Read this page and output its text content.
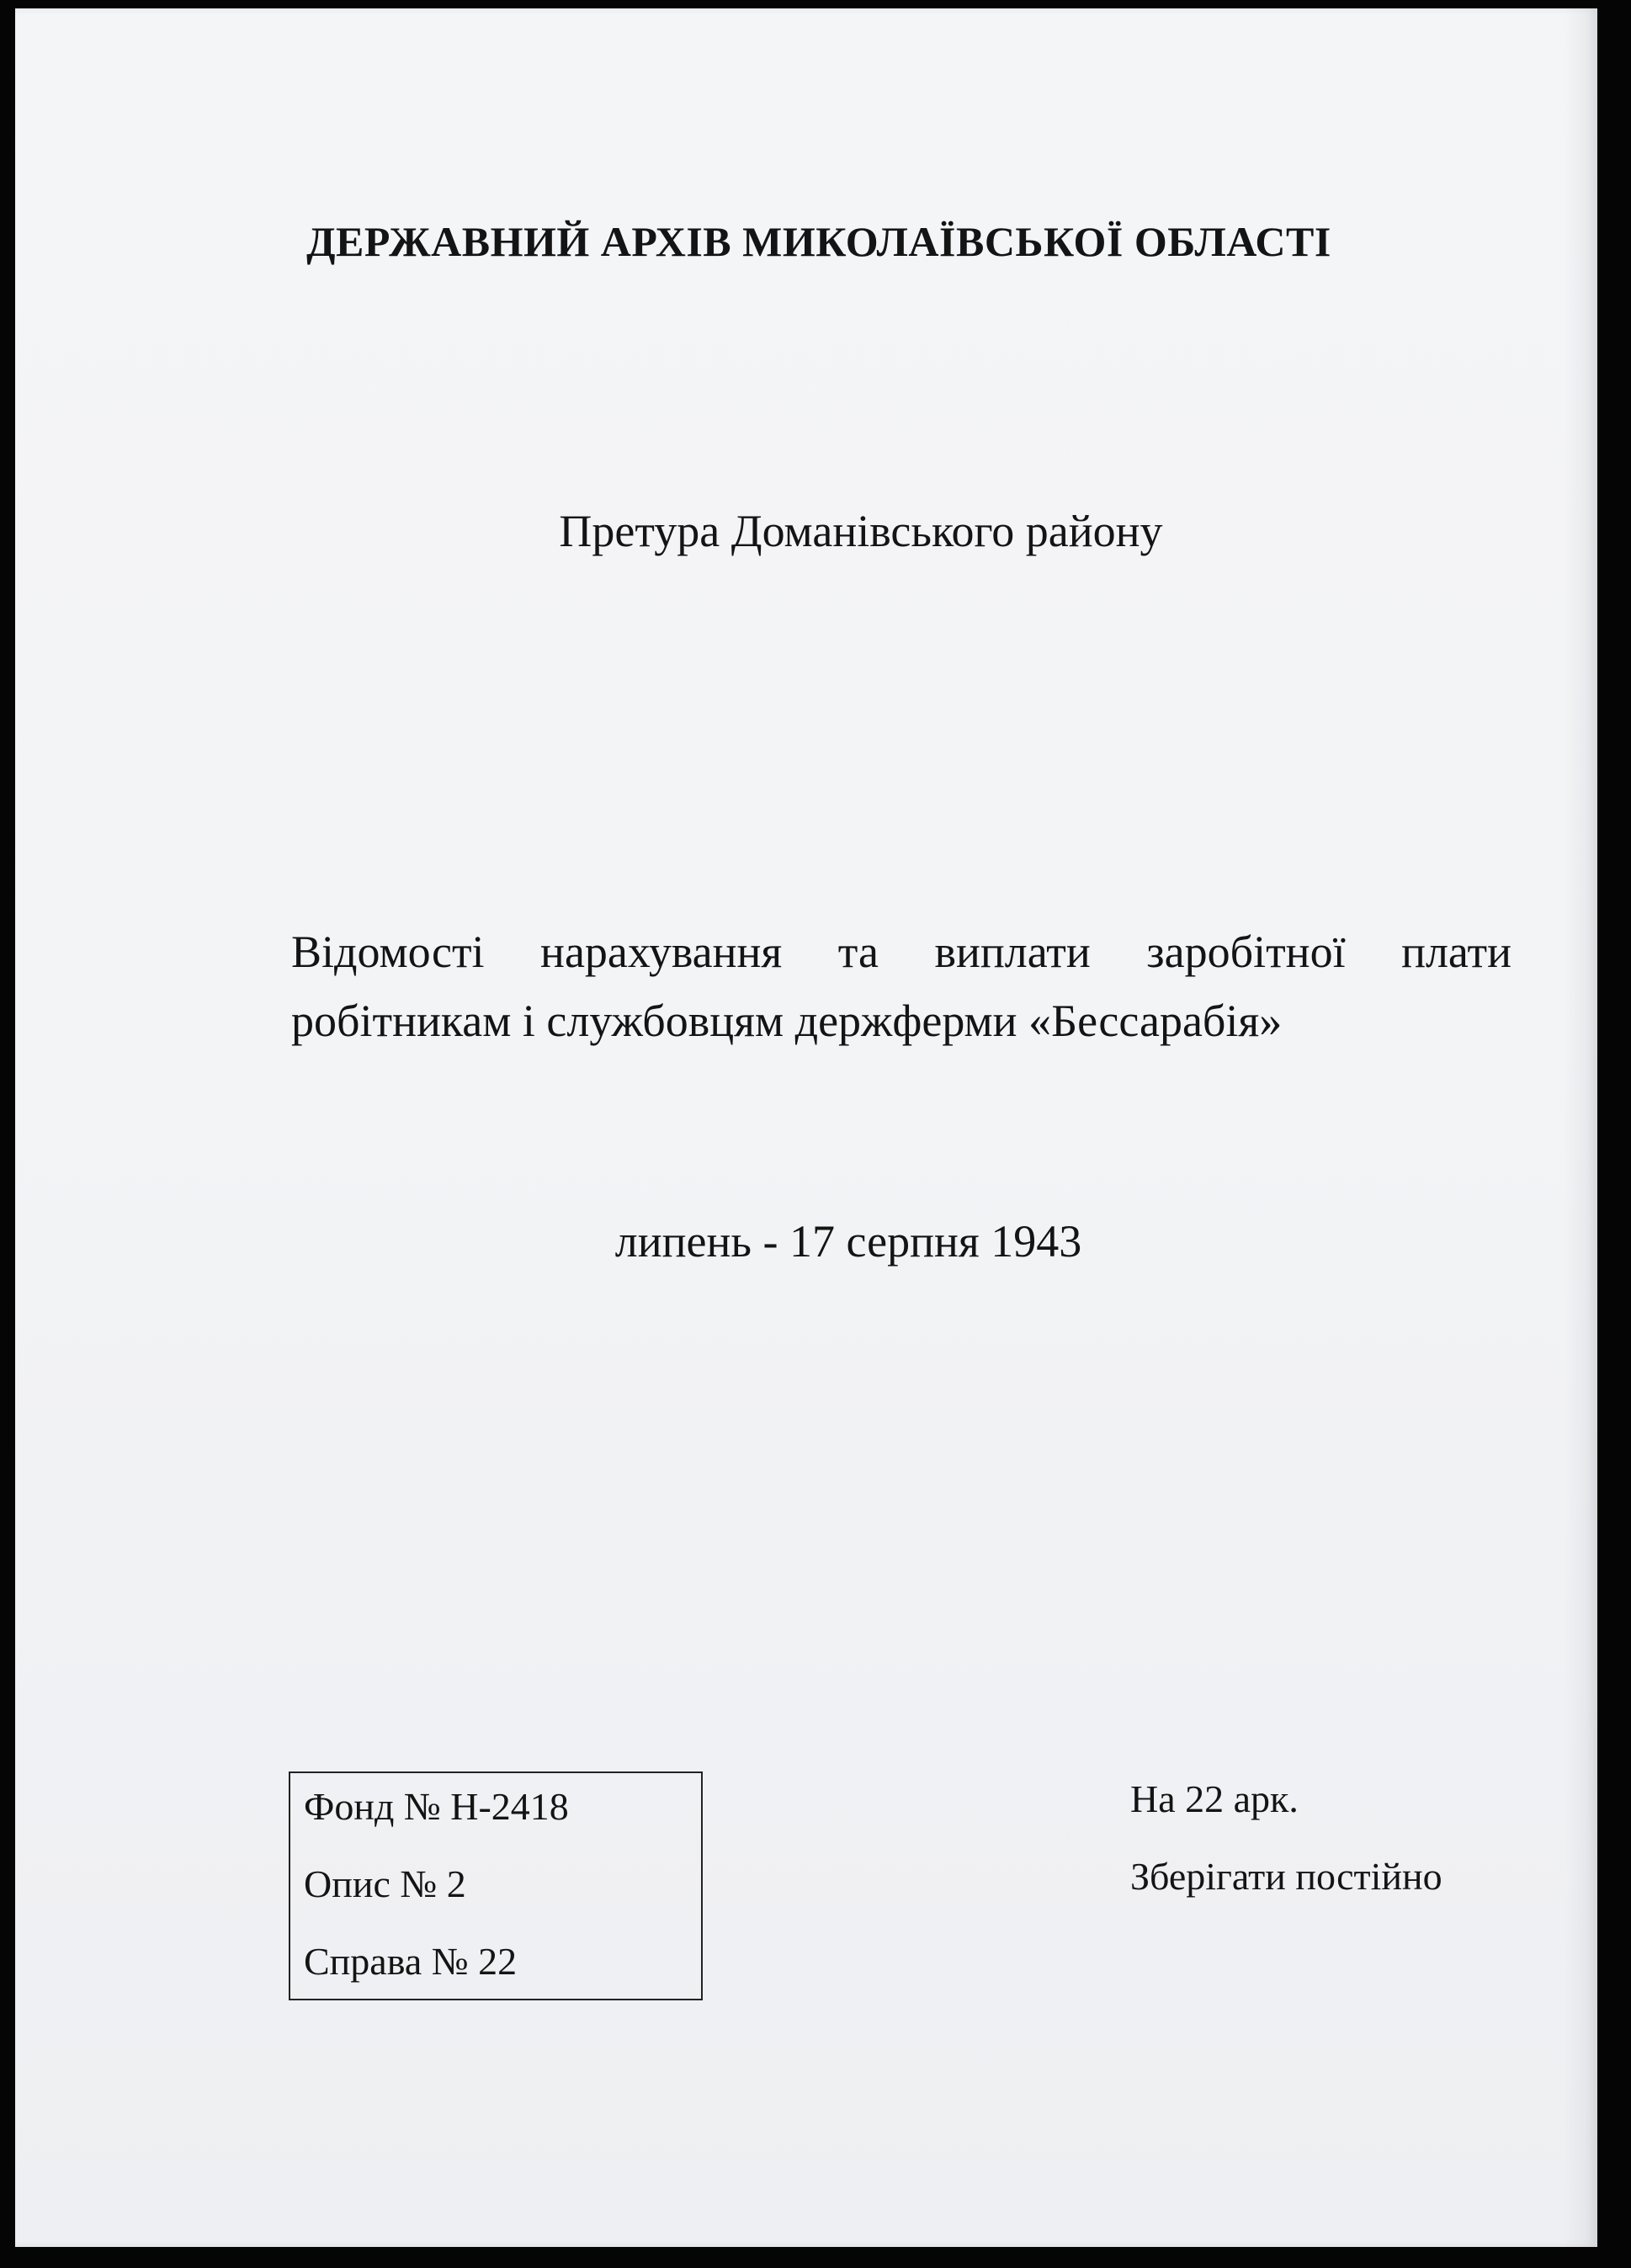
ДЕРЖАВНИЙ АРХІВ МИКОЛАЇВСЬКОЇ ОБЛАСТІ
Претура Доманівського району
Відомості нарахування та виплати заробітної плати робітникам і службовцям держферми «Бессарабія»
липень - 17 серпня 1943
Фонд № Н-2418
Опис № 2
Справа № 22
На 22 арк.
Зберігати постійно
